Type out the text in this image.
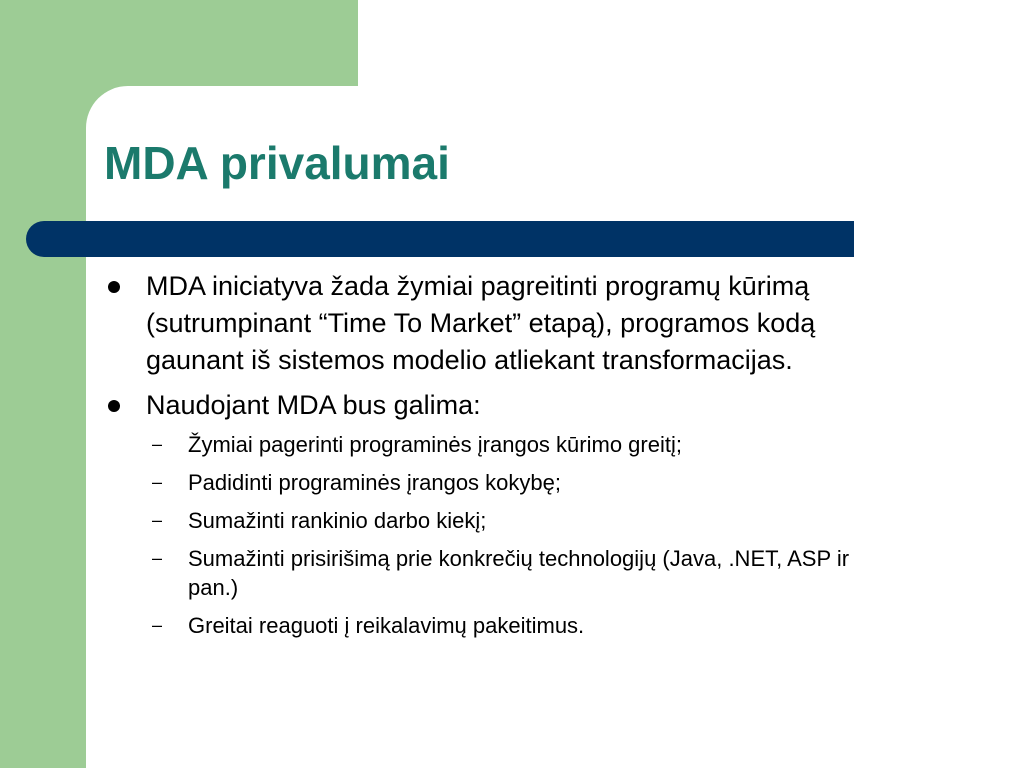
MDA privalumai
MDA iniciatyva žada žymiai pagreitinti programų kūrimą (sutrumpinant “Time To Market” etapą), programos kodą gaunant iš sistemos modelio atliekant transformacijas.
Naudojant MDA bus galima:
– Žymiai pagerinti programinės įrangos kūrimo greitį;
– Padidinti programinės įrangos kokybę;
– Sumažinti rankinio darbo kiekį;
– Sumažinti prisirišimą prie konkrečių technologijų (Java, .NET, ASP ir pan.)
– Greitai reaguoti į reikalavimų pakeitimus.
